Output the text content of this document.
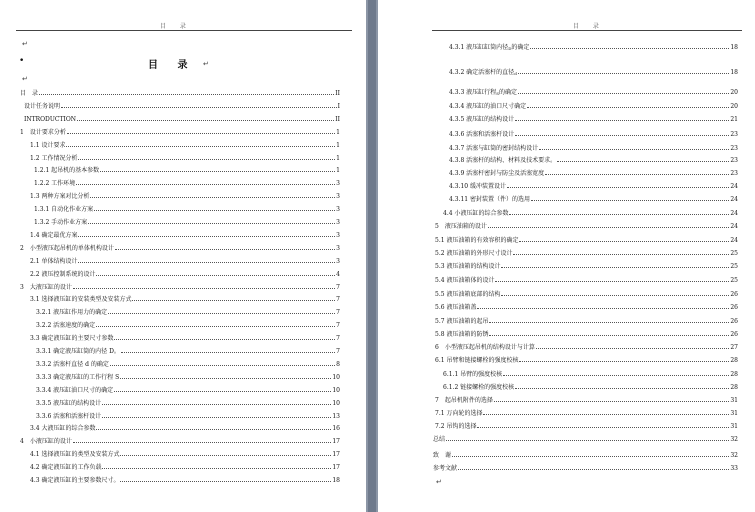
目 录
↵
•	目 录 ↵
↵
目　录	II
设计任务说明	I
INTRODUCTION	II
1　设计要求分析	1
1.1 设计要求	1
1.2 工作情况分析	1
1.2.1 起吊机的基本参数	1
1.2.2 工作环境	3
1.3 两种方案对比分析	3
1.3.1 自动化作业方案	3
1.3.2 手动作业方案	3
1.4 确定最优方案	3
2　小型液压起吊机的单体机构设计	3
2.1 单体结构设计	3
2.2 液压控制系统的设计	4
3　大液压缸的设计	7
3.1 选择液压缸的安装类型及安装方式	7
3.2.1 液压缸作用力的确定	7
3.2.2 活塞速度的确定	7
3.3 确定液压缸的主要尺寸参数	7
3.3.1 确定液压缸筒的内径 D。	7
3.3.2 活塞杆直径 d 的确定	8
3.3.3 确定液压缸的工作行程 S	10
3.3.4 液压缸油口尺寸的确定	10
3.3.5 液压缸的结构设计	10
3.3.6 活塞和活塞杆设计	13
3.4 大液压缸的综合参数	16
4　小液压缸的设计	17
4.1 选择液压缸的类型及安装方式	17
4.2 确定液压缸的工作负载	17
4.3 确定液压缸的主要参数尺寸。	18
目 录
4.3.1 液压缸缸筒内径 D 的确定	18
4.3.2 确定活塞杆的直径 d	18
4.3.3 液压缸行程 S 的确定	20
4.3.4 液压缸的油口尺寸确定	20
4.3.5 液压缸的结构设计	21
4.3.6 活塞和活塞杆设计	23
4.3.7 活塞与缸筒的密封结构设计	23
4.3.8 活塞杆的结构、材料及技术要求。	23
4.3.9 活塞杆密封与防尘及活塞宽度	23
4.3.10 缓冲装置设计	24
4.3.11 密封装置（件）的选用	24
4.4 小液压缸的综合参数	24
5　液压油箱的设计	24
5.1 液压油箱的有效容积的确定	24
5.2 液压油箱的外形尺寸设计	25
5.3 液压油箱的结构设计	25
5.4 液压油箱体的设计	25
5.5 液压油箱底部的结构	26
5.6 液压油箱盖	26
5.7 液压油箱的起吊	26
5.8 液压油箱的防锈	26
6　小型液压起吊机的结构设计与计算	27
6.1 吊臂和链接螺栓的强度校核	28
6.1.1 吊臂的强度校核	28
6.1.2 链接螺栓的强度校核	28
7　起吊机附件的选择	31
7.1 万向轮的选择	31
7.2 吊钩的选择	31
总结	32
致　谢	32
参考文献	33
↵
